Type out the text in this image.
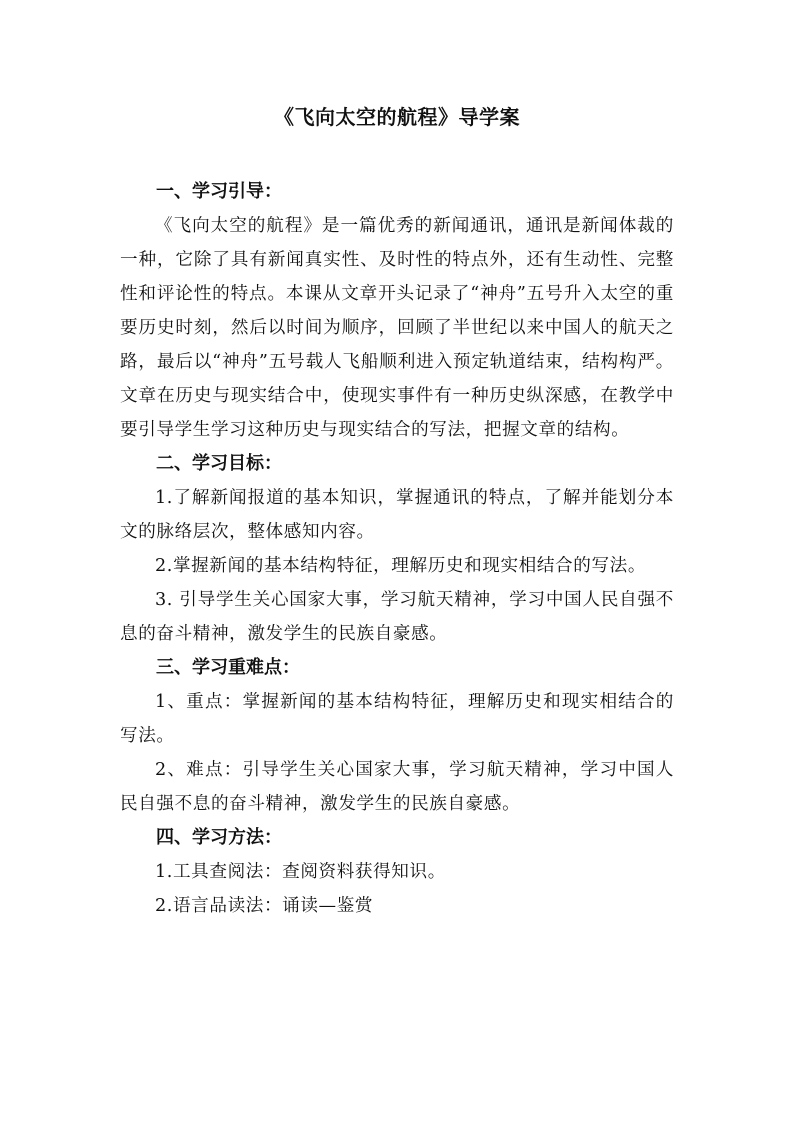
《飞向太空的航程》导学案
一、学习引导：

《飞向太空的航程》是一篇优秀的新闻通讯，通讯是新闻体裁的一种，它除了具有新闻真实性、及时性的特点外，还有生动性、完整性和评论性的特点。本课从文章开头记录了“神舟”五号升入太空的重要历史时刻，然后以时间为顺序，回顾了半世纪以来中国人的航天之路，最后以“神舟”五号载人飞船顺利进入预定轨道结束，结构构严。文章在历史与现实结合中，使现实事件有一种历史纵深感，在教学中要引导学生学习这种历史与现实结合的写法，把握文章的结构。

二、学习目标：

1.了解新闻报道的基本知识，掌握通讯的特点，了解并能划分本文的脉络层次，整体感知内容。

2.掌握新闻的基本结构特征，理解历史和现实相结合的写法。

3. 引导学生关心国家大事，学习航天精神，学习中国人民自强不息的奋斗精神，激发学生的民族自豪感。

三、学习重难点：

1、重点：掌握新闻的基本结构特征，理解历史和现实相结合的写法。

2、难点：引导学生关心国家大事，学习航天精神，学习中国人民自强不息的奋斗精神，激发学生的民族自豪感。

四、学习方法：

1.工具查阅法：查阅资料获得知识。

2.语言品读法：诵读—鉴赏
